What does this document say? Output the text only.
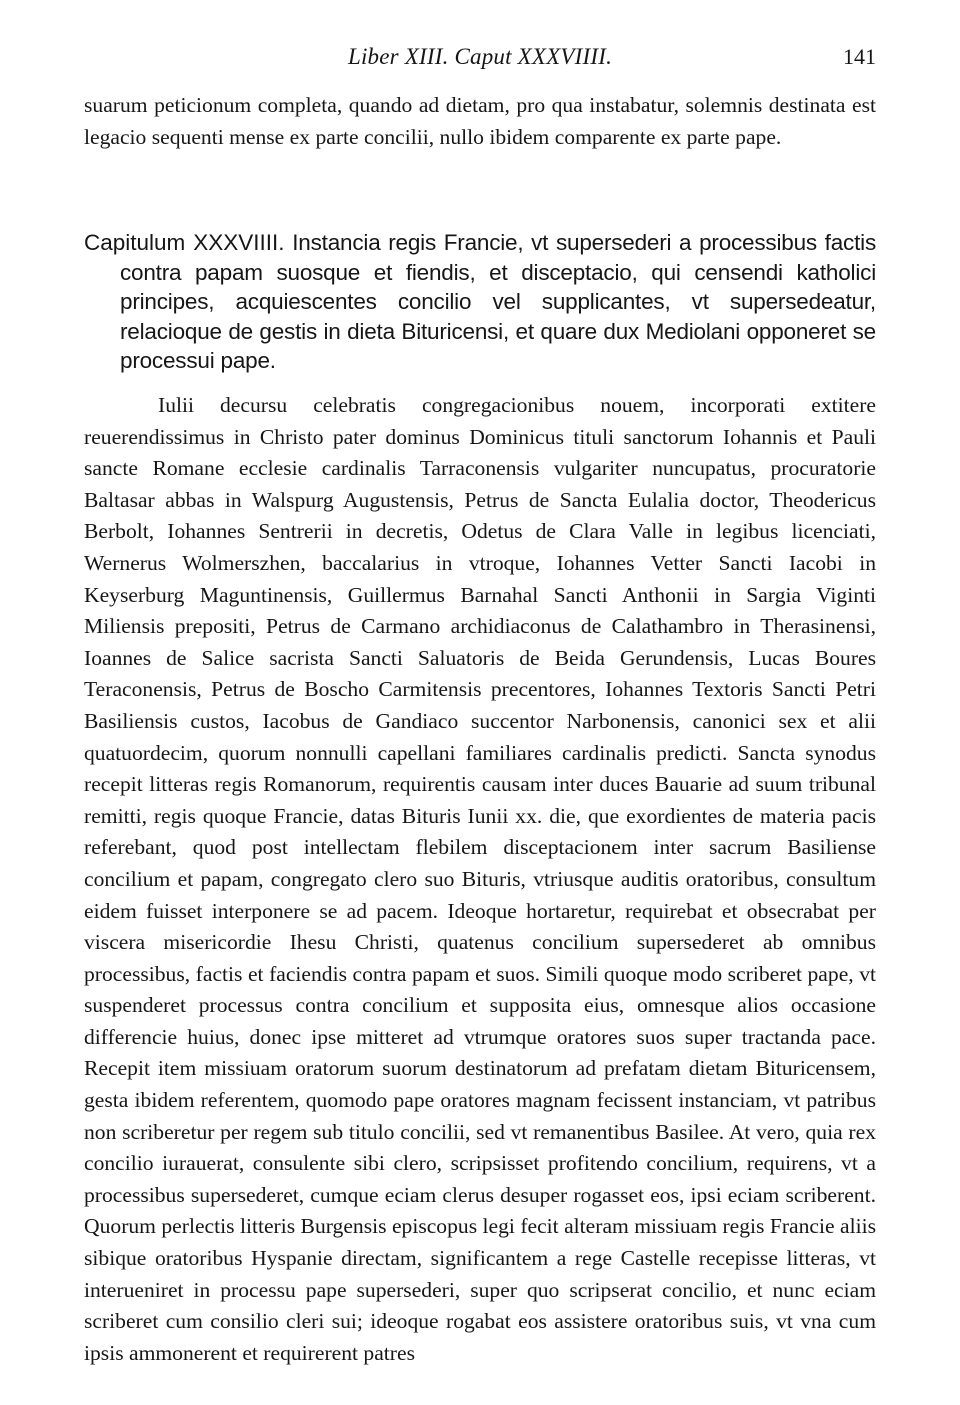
Liber XIII. Caput XXXVIIII.	141

suarum peticionum completa, quando ad dietam, pro qua instabatur, solemnis destinata est legacio sequenti mense ex parte concilii, nullo ibidem comparente ex parte pape.

Capitulum XXXVIIII. Instancia regis Francie, vt supersederi a processibus factis contra papam suosque et fiendis, et disceptacio, qui censendi katholici principes, acquiescentes concilio vel supplicantes, vt supersedeatur, relacioque de gestis in dieta Bituricensi, et quare dux Mediolani opponeret se processui pape.

Iulii decursu celebratis congregacionibus nouem, incorporati extitere reuerendissimus in Christo pater dominus Dominicus tituli sanctorum Iohannis et Pauli sancte Romane ecclesie cardinalis Tarraconensis vulgariter nuncupatus, procuratorie Baltasar abbas in Walspurg Augustensis, Petrus de Sancta Eulalia doctor, Theodericus Berbolt, Iohannes Sentrerii in decretis, Odetus de Clara Valle in legibus licenciati, Wernerus Wolmerszhen, baccalarius in vtroque, Iohannes Vetter Sancti Iacobi in Keyserburg Maguntinensis, Guillermus Barnahal Sancti Anthonii in Sargia Viginti Miliensis prepositi, Petrus de Carmano archidiaconus de Calathambro in Therasinensi, Ioannes de Salice sacrista Sancti Saluatoris de Beida Gerundensis, Lucas Boures Teraconensis, Petrus de Boscho Carmitensis precentores, Iohannes Textoris Sancti Petri Basiliensis custos, Iacobus de Gandiaco succentor Narbonensis, canonici sex et alii quatuordecim, quorum nonnulli capellani familiares cardinalis predicti. Sancta synodus recepit litteras regis Romanorum, requirentis causam inter duces Bauarie ad suum tribunal remitti, regis quoque Francie, datas Bituris Iunii xx. die, que exordientes de materia pacis referebant, quod post intellectam flebilem disceptacionem inter sacrum Basiliense concilium et papam, congregato clero suo Bituris, vtriusque auditis oratoribus, consultum eidem fuisset interponere se ad pacem. Ideoque hortaretur, requirebat et obsecrabat per viscera misericordie Ihesu Christi, quatenus concilium supersederet ab omnibus processibus, factis et faciendis contra papam et suos. Simili quoque modo scriberet pape, vt suspenderet processus contra concilium et supposita eius, omnesque alios occasione differencie huius, donec ipse mitteret ad vtrumque oratores suos super tractanda pace. Recepit item missiuam oratorum suorum destinatorum ad prefatam dietam Bituricensem, gesta ibidem referentem, quomodo pape oratores magnam fecissent instanciam, vt patribus non scriberetur per regem sub titulo concilii, sed vt remanentibus Basilee. At vero, quia rex concilio iurauerat, consulente sibi clero, scripsisset profitendo concilium, requirens, vt a processibus supersederet, cumque eciam clerus desuper rogasset eos, ipsi eciam scriberent. Quorum perlectis litteris Burgensis episcopus legi fecit alteram missiuam regis Francie aliis sibique oratoribus Hyspanie directam, significantem a rege Castelle recepisse litteras, vt interueniret in processu pape supersederi, super quo scripserat concilio, et nunc eciam scriberet cum consilio cleri sui; ideoque rogabat eos assistere oratoribus suis, vt vna cum ipsis ammonerent et requirerent patres
